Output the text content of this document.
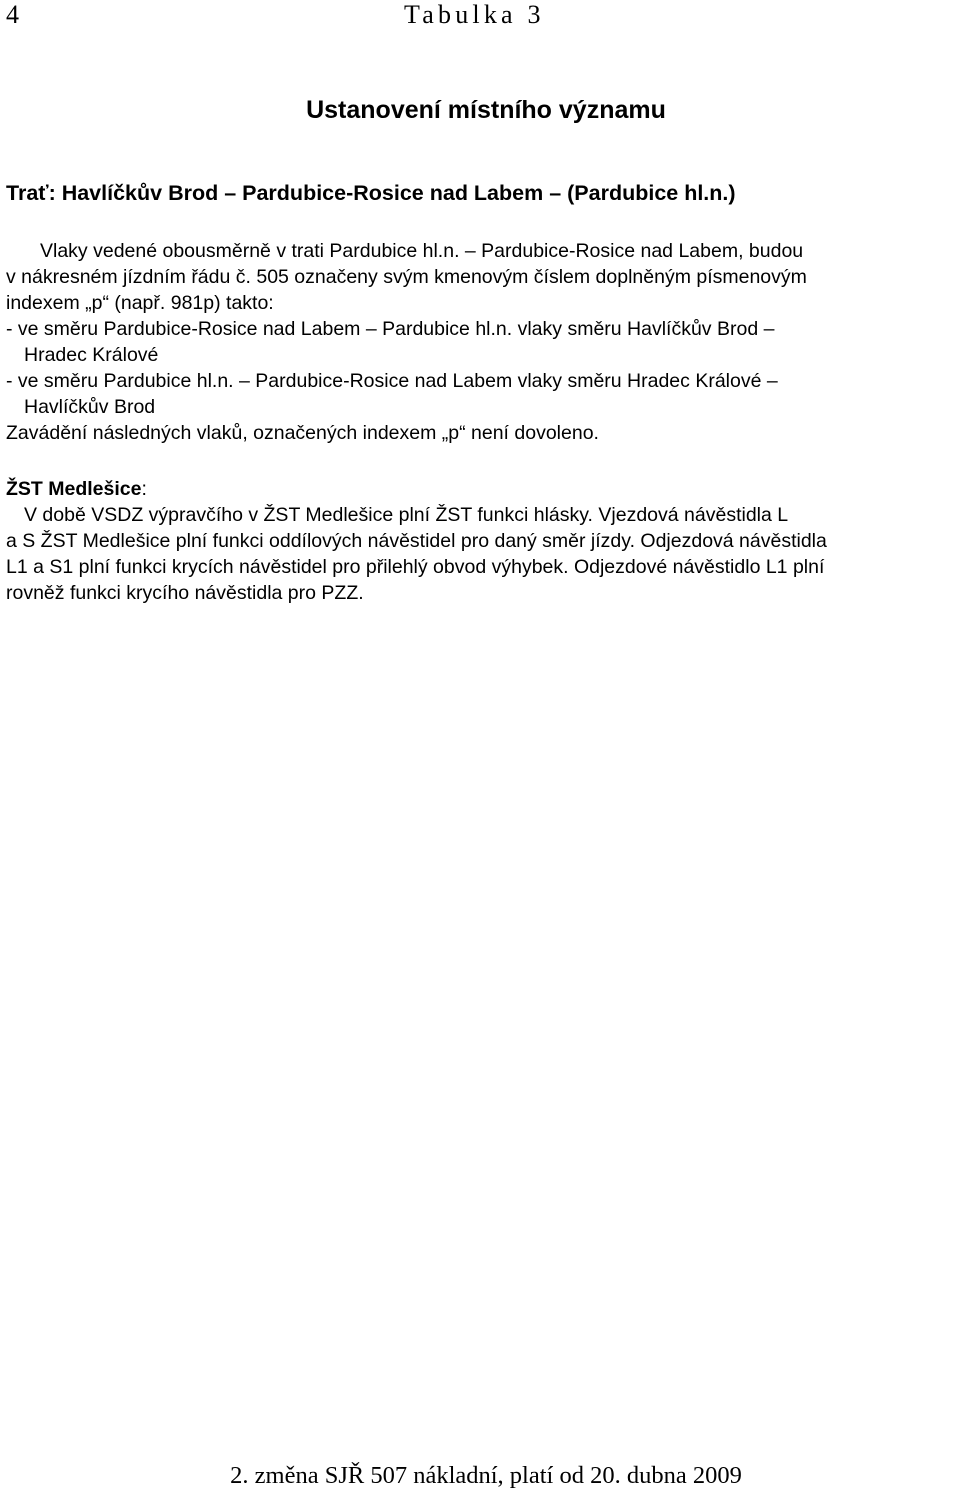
4	Tabulka 3
Ustanovení místního významu
Trať: Havlíčkův Brod – Pardubice-Rosice nad Labem – (Pardubice hl.n.)
Vlaky vedené obousměrně v trati Pardubice hl.n. – Pardubice-Rosice nad Labem, budou
v nákresném jízdním řádu č. 505 označeny svým kmenovým číslem doplněným písmenovým
indexem „p“ (např. 981p) takto:
- ve směru Pardubice-Rosice nad Labem – Pardubice hl.n. vlaky směru Havlíčkův Brod –
Hradec Králové
- ve směru Pardubice hl.n. – Pardubice-Rosice nad Labem vlaky směru Hradec Králové –
Havlíčkův Brod
Zavádění následných vlaků, označených indexem „p“ není dovoleno.
ŽST Medlešice:
V době VSDZ výpravčího v ŽST Medlešice plní ŽST funkci hlásky. Vjezdová návěstidla L
a S ŽST Medlešice plní funkci oddílových návěstidel pro daný směr jízdy. Odjezdová návěstidla
L1 a S1 plní funkci krycích návěstidel pro přilehlý obvod výhybek. Odjezdové návěstidlo L1 plní
rovněž funkci krycího návěstidla pro PZZ.
2. změna SJŘ 507 nákladní, platí od 20. dubna 2009
